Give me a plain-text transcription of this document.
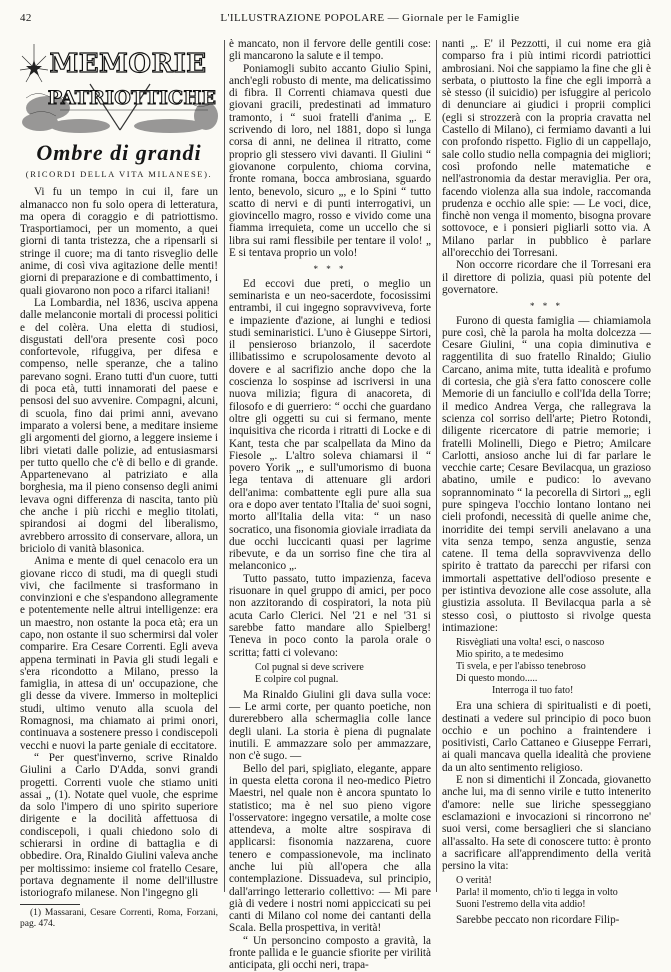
42	L'ILLUSTRAZIONE POPOLARE — Giornale per le Famiglie
MEMORIE
PATRIOTTICHE
Ombre di grandi
(RICORDI DELLA VITA MILANESE).

Vi fu un tempo in cui il, fare un almanacco non fu solo opera di letteratura, ma opera di coraggio e di patriottismo. Trasportiamoci, per un momento, a quei giorni di tanta tristezza, che a ripensarli si stringe il cuore; ma di tanto risveglio delle anime, di così viva agitazione delle menti! giorni di preparazione e di combattimento, i quali giovarono non poco a rifarci italiani!

La Lombardia, nel 1836, usciva appena dalle melanconie mortali di processi politici e del colèra. Una eletta di studiosi, disgustati dell'ora presente così poco confortevole, rifuggiva, per difesa e compenso, nelle speranze, che a talino parevano sogni. Erano tutti d'un cuore, tutti di poca età, tutti innamorati del paese e pensosi del suo avvenire. Compagni, alcuni, di scuola, fino dai primi anni, avevano imparato a volersi bene, a meditare insieme gli argomenti del giorno, a leggere insieme i libri vietati dalle polizie, ad entusiasmarsi per tutto quello che c'è di bello e di grande. Appartenevano al patriziato e alla borghesia, ma il pieno consenso degli animi levava ogni differenza di nascita, tanto più che anche i più ricchi e meglio titolati, spirandosi ai dogmi del liberalismo, avrebbero arrossito di conservare, allora, un briciolo di vanità blasonica.

Anima e mente di quel cenacolo era un giovane ricco di studi, ma di quegli studi vivi, che facilmente si trasformano in convinzioni e che s'espandono allegramente e potentemente nelle altrui intelligenze: era un maestro, non ostante la poca età; era un capo, non ostante il suo schermirsi dal voler comparire. Era Cesare Correnti. Egli aveva appena terminati in Pavia gli studi legali e s'era ricondotto a Milano, presso la famiglia, in attesa di un' occupazione, che gli desse da vivere. Immerso in molteplici studi, ultimo venuto alla scuola del Romagnosi, ma chiamato ai primi onori, continuava a sostenere presso i condiscepoli vecchi e nuovi la parte geniale di eccitatore.

“ Per quest'inverno, scrive Rinaldo Giulini a Carlo D'Adda, sonvi grandi progetti. Correnti vuole che stiamo uniti assai „ (1). Notate quel vuole, che esprime da solo l'impero di uno spirito superiore dirigente e la docilità affettuosa di condiscepoli, i quali chiedono solo di schierarsi in ordine di battaglia e di obbedire. Ora, Rinaldo Giulini valeva anche per moltissimo: insieme col fratello Cesare, portava degnamente il nome dell'illustre istoriografo milanese. Non l'ingegno gli

(1) Massarani, Cesare Correnti, Roma, Forzani, pag. 474.

è mancato, non il fervore delle gentili cose: gli mancarono la salute e il tempo.

Poniamogli subito accanto Giulio Spini, anch'egli robusto di mente, ma delicatissimo di fibra. Il Correnti chiamava questi due giovani gracili, predestinati ad immaturo tramonto, i “ suoi fratelli d'anima „. E scrivendo di loro, nel 1881, dopo sì lunga corsa di anni, ne delinea il ritratto, come proprio gli stessero vivi davanti. Il Giulini “ giovanone corpulento, chioma corvina, fronte romana, bocca ambrosiana, sguardo lento, benevolo, sicuro „, e lo Spini “ tutto scatto di nervi e di punti interrogativi, un giovincello magro, rosso e vivido come una fiamma irrequieta, come un uccello che si libra sui rami flessibile per tentare il volo! „ E si tentava proprio un volo!

* * *

Ed eccovi due preti, o meglio un seminarista e un neo-sacerdote, focosissimi entrambi, il cui ingegno sopravviveva, forte e impaziente d'azione, ai lunghi e tediosi studi seminaristici. L'uno è Giuseppe Sirtori, il pensieroso brianzolo, il sacerdote illibatissimo e scrupolosamente devoto al dovere e al sacrifizio anche dopo che la coscienza lo sospinse ad iscriversi in una nuova milizia; figura di anacoreta, di filosofo e di guerriero: “ occhi che guardano oltre gli oggetti su cui si fermano, mente inquisitiva che ricorda i ritratti di Locke e di Kant, testa che par scalpellata da Mino da Fiesole „. L'altro soleva chiamarsi il “ povero Yorik „, e sull'umorismo di buona lega tentava di attenuare gli ardori dell'anima: combattente egli pure alla sua ora e dopo aver tentato l'Italia de' suoi sogni, morto all'Italia della vita: “ un naso socratico, una fisonomia gioviale irradiata da due occhi luccicanti quasi per lagrime ribevute, e da un sorriso fine che tira al melanconico „.

Tutto passato, tutto impazienza, faceva risuonare in quel gruppo di amici, per poco non azzitorando di cospiratori, la nota più acuta Carlo Clerici. Nel '21 e nel '31 si sarebbe fatto mandare allo Spielberg! Teneva in poco conto la parola orale o scritta; fatti ci volevano:

Col pugnal si deve scrivere
E colpire col pugnal.

Ma Rinaldo Giulini gli dava sulla voce: — Le armi corte, per quanto poetiche, non durerebbero alla schermaglia colle lance degli ulani. La storia è piena di pugnalate inutili. E ammazzare solo per ammazzare, non c'è sugo. —

Bello del pari, spigliato, elegante, appare in questa eletta corona il neo-medico Pietro Maestri, nel quale non è ancora spuntato lo statistico; ma è nel suo pieno vigore l'osservatore: ingegno versatile, a molte cose attendeva, a molte altre sospirava di applicarsi: fisonomia nazzarena, cuore tenero e compassionevole, ma inclinato anche lui più all'opera che alla contemplazione. Dissuadeva, sul principio, dall'arringo letterario collettivo: — Mi pare già di vedere i nostri nomi appiccicati su pei canti di Milano col nome dei cantanti della Scala. Bella prospettiva, in verità!

“ Un personcino composto a gravità, la fronte pallida e le guancie sfiorite per virilità anticipata, gli occhi neri, trapa-

nanti „. E' il Pezzotti, il cui nome era già comparso fra i più intimi ricordi patriottici ambrosiani. Noi che sappiamo la fine che gli è serbata, o piuttosto la fine che egli imporrà a sè stesso (il suicidio) per isfuggire al pericolo di denunciare ai giudici i proprii complici (egli si strozzerà con la propria cravatta nel Castello di Milano), ci fermiamo davanti a lui con profondo rispetto. Figlio di un cappellajo, sale collo studio nella compagnia dei migliori; così profondo nelle matematiche e nell'astronomia da destar meraviglia. Per ora, facendo violenza alla sua indole, raccomanda prudenza e occhio alle spie: — Le voci, dice, finchè non venga il momento, bisogna provare sottovoce, e i ponsieri pigliarli sotto via. A Milano parlar in pubblico è parlare all'orecchio dei Torresani.

Non occorre ricordare che il Torresani era il direttore di polizia, quasi più potente del governatore.

* * *

Furono di questa famiglia — chiamiamola pure così, chè la parola ha molta dolcezza — Cesare Giulini, “ una copia diminutiva e raggentilita di suo fratello Rinaldo; Giulio Carcano, anima mite, tutta idealità e profumo di cortesia, che già s'era fatto conoscere colle Memorie di un fanciullo e coll'Ida della Torre; il medico Andrea Verga, che rallegrava la scienza col sorriso dell'arte; Pietro Rotondi, diligente ricercatore di patrie memorie; i fratelli Molinelli, Diego e Pietro; Amilcare Carlotti, ansioso anche lui di far parlare le vecchie carte; Cesare Bevilacqua, un grazioso abatino, umile e pudico: lo avevano soprannominato “ la pecorella di Sirtori „, egli pure spingeva l'occhio lontano lontano nei cieli profondi, necessità di quelle anime che, inorridite dei tempi servili anelavano a una vita senza tempo, senza angustie, senza catene. Il tema della sopravvivenza dello spirito è trattato da parecchi per rifarsi con immortali aspettative dell'odioso presente e per istintiva devozione alle cose assolute, alla giustizia assoluta. Il Bevilacqua parla a sè stesso così, o piuttosto si rivolge questa intimazione:

Risvègliati una volta! esci, o nascoso
Mio spirito, a te medesimo
Ti svela, e per l'abisso tenebroso
Di questo mondo.....
Interroga il tuo fato!

Era una schiera di spiritualisti e di poeti, destinati a vedere sul principio di poco buon occhio e un pochino a fraintendere i positivisti, Carlo Cattaneo e Giuseppe Ferrari, ai quali mancava quella idealità che proviene da un alto sentimento religioso.

E non si dimentichi il Zoncada, giovanetto anche lui, ma di senno virile e tutto intenerito d'amore: nelle sue liriche spesseggiano esclamazioni e invocazioni si rincorrono ne' suoi versi, come bersaglieri che si slanciano all'assalto. Ha sete di conoscere tutto: è pronto a sacrificare all'apprendimento della verità persino la vita:

O verità!
Parla! il momento, ch'io ti legga in volto
Suoni l'estremo della vita addio!

Sarebbe peccato non ricordare Filip-
